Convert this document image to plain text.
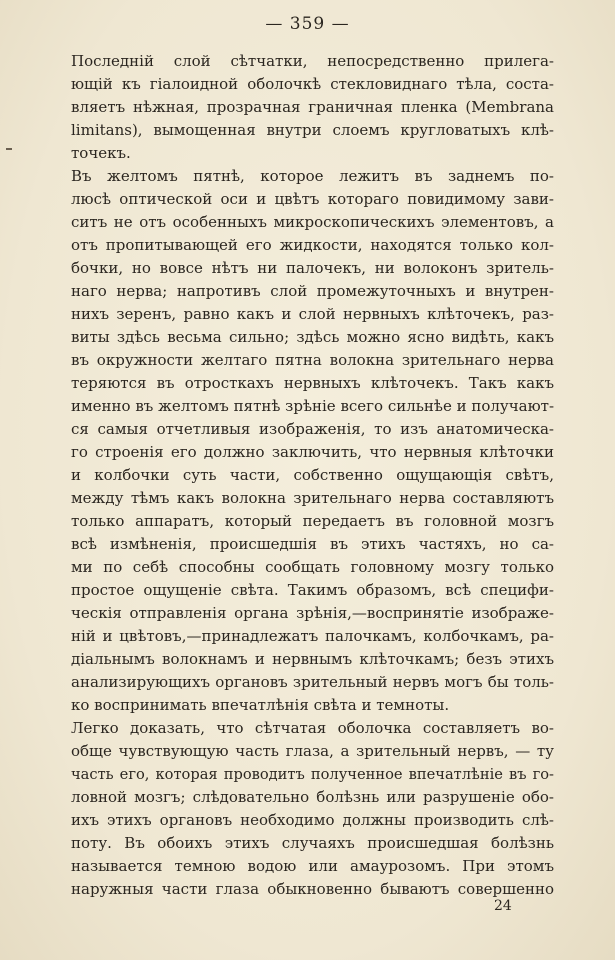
— 359 —
Последній слой сѣтчатки, непосредственно прилега-
ющій къ гіалоидной оболочкѣ стекловиднаго тѣла, соста-
вляетъ нѣжная, прозрачная граничная пленка (Membrana
limitans), вымощенная внутри слоемъ кругловатыхъ клѣ-
точекъ.
Въ желтомъ пятнѣ, которое лежитъ въ заднемъ по-
люсѣ оптической оси и цвѣтъ котораго повидимому зави-
ситъ не отъ особенныхъ микроскопическихъ элементовъ, а
отъ пропитывающей его жидкости, находятся только кол-
бочки, но вовсе нѣтъ ни палочекъ, ни волоконъ зритель-
наго нерва; напротивъ слой промежуточныхъ и внутрен-
нихъ зеренъ, равно какъ и слой нервныхъ клѣточекъ, раз-
виты здѣсь весьма сильно; здѣсь можно ясно видѣть, какъ
въ окружности желтаго пятна волокна зрительнаго нерва
теряются въ отросткахъ нервныхъ клѣточекъ. Такъ какъ
именно въ желтомъ пятнѣ зрѣніе всего сильнѣе и получают-
ся самыя отчетливыя изображенія, то изъ анатомическа-
го строенія его должно заключить, что нервныя клѣточки
и колбочки суть части, собственно ощущающія свѣтъ,
между тѣмъ какъ волокна зрительнаго нерва составляютъ
только аппаратъ, который передаетъ въ головной мозгъ
всѣ измѣненія, происшедшія въ этихъ частяхъ, но са-
ми по себѣ способны сообщать головному мозгу только
простое ощущеніе свѣта. Такимъ образомъ, всѣ специфи-
ческія отправленія органа зрѣнія,—воспринятіе изображе-
ній и цвѣтовъ,—принадлежатъ палочкамъ, колбочкамъ, ра-
діальнымъ волокнамъ и нервнымъ клѣточкамъ; безъ этихъ
анализирующихъ органовъ зрительный нервъ могъ бы толь-
ко воспринимать впечатлѣнія свѣта и темноты.
Легко доказать, что сѣтчатая оболочка составляетъ во-
обще чувствующую часть глаза, а зрительный нервъ, — ту
часть его, которая проводитъ полученное впечатлѣніе въ го-
ловной мозгъ; слѣдовательно болѣзнь или разрушеніе обо-
ихъ этихъ органовъ необходимо должны производить слѣ-
поту. Въ обоихъ этихъ случаяхъ происшедшая болѣзнь
называется темною водою или амаурозомъ. При этомъ
наружныя части глаза обыкновенно бываютъ совершенно
24
